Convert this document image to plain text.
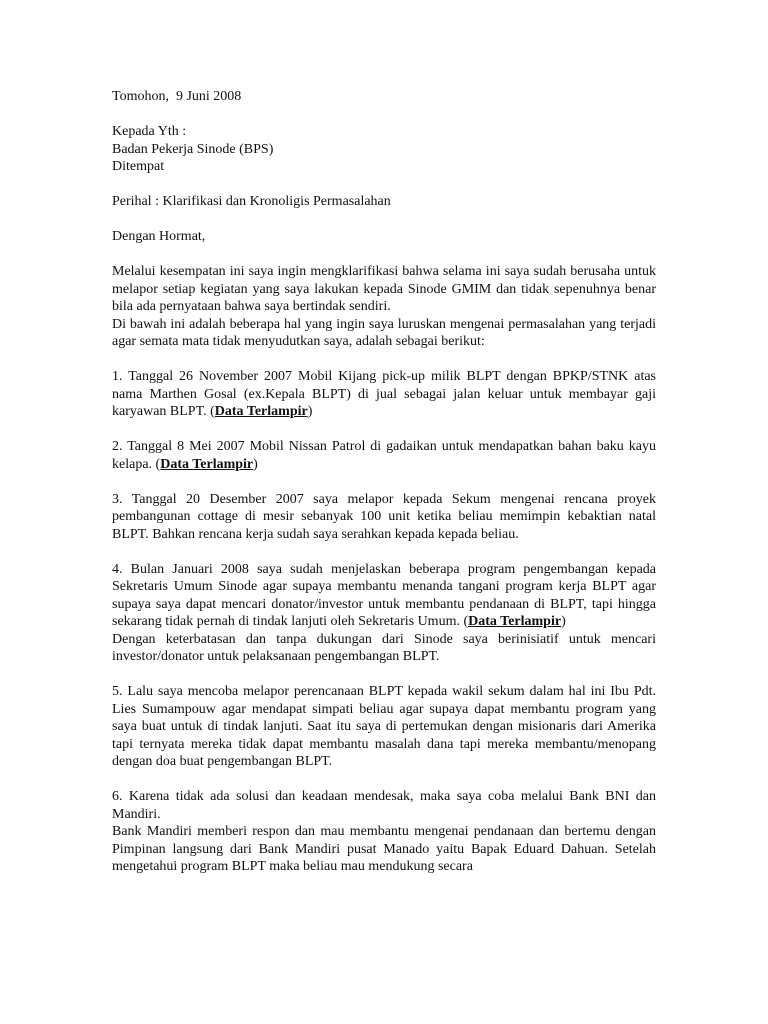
Tomohon,  9 Juni 2008

Kepada Yth :

Badan Pekerja Sinode (BPS)

Ditempat

Perihal : Klarifikasi dan Kronoligis Permasalahan

Dengan Hormat,

Melalui kesempatan ini saya ingin mengklarifikasi bahwa selama ini saya sudah berusaha untuk melapor setiap kegiatan yang saya lakukan kepada Sinode GMIM dan tidak sepenuhnya benar bila ada pernyataan bahwa saya bertindak sendiri.

Di bawah ini adalah beberapa hal yang ingin saya luruskan mengenai permasalahan yang terjadi agar semata mata tidak menyudutkan saya, adalah sebagai berikut:

1. Tanggal 26 November 2007 Mobil Kijang pick-up milik BLPT dengan BPKP/STNK atas nama Marthen Gosal (ex.Kepala BLPT) di jual sebagai jalan keluar untuk membayar gaji karyawan BLPT. (Data Terlampir)

2. Tanggal 8 Mei 2007 Mobil Nissan Patrol di gadaikan untuk mendapatkan bahan baku kayu kelapa. (Data Terlampir)

3. Tanggal 20 Desember 2007 saya melapor kepada Sekum mengenai rencana proyek pembangunan cottage di mesir sebanyak 100 unit ketika beliau memimpin kebaktian natal BLPT. Bahkan rencana kerja sudah saya serahkan kepada kepada beliau.

4. Bulan Januari 2008 saya sudah menjelaskan beberapa program pengembangan kepada Sekretaris Umum Sinode agar supaya membantu menanda tangani program kerja BLPT agar supaya saya dapat mencari donator/investor untuk membantu pendanaan di BLPT, tapi hingga sekarang tidak pernah di tindak lanjuti oleh Sekretaris Umum. (Data Terlampir)

Dengan keterbatasan dan tanpa dukungan dari Sinode saya berinisiatif untuk mencari investor/donator untuk pelaksanaan pengembangan BLPT.

5. Lalu saya mencoba melapor perencanaan BLPT kepada wakil sekum dalam hal ini Ibu Pdt. Lies Sumampouw agar mendapat simpati beliau agar supaya dapat membantu program yang saya buat untuk di tindak lanjuti. Saat itu saya di pertemukan dengan misionaris dari Amerika tapi ternyata mereka tidak dapat membantu masalah dana tapi mereka membantu/menopang dengan doa buat pengembangan BLPT.

6. Karena tidak ada solusi dan keadaan mendesak, maka saya coba melalui Bank BNI dan Mandiri.

Bank Mandiri memberi respon dan mau membantu mengenai pendanaan dan bertemu dengan Pimpinan langsung dari Bank Mandiri pusat Manado yaitu Bapak Eduard Dahuan. Setelah mengetahui program BLPT maka beliau mau mendukung secara
